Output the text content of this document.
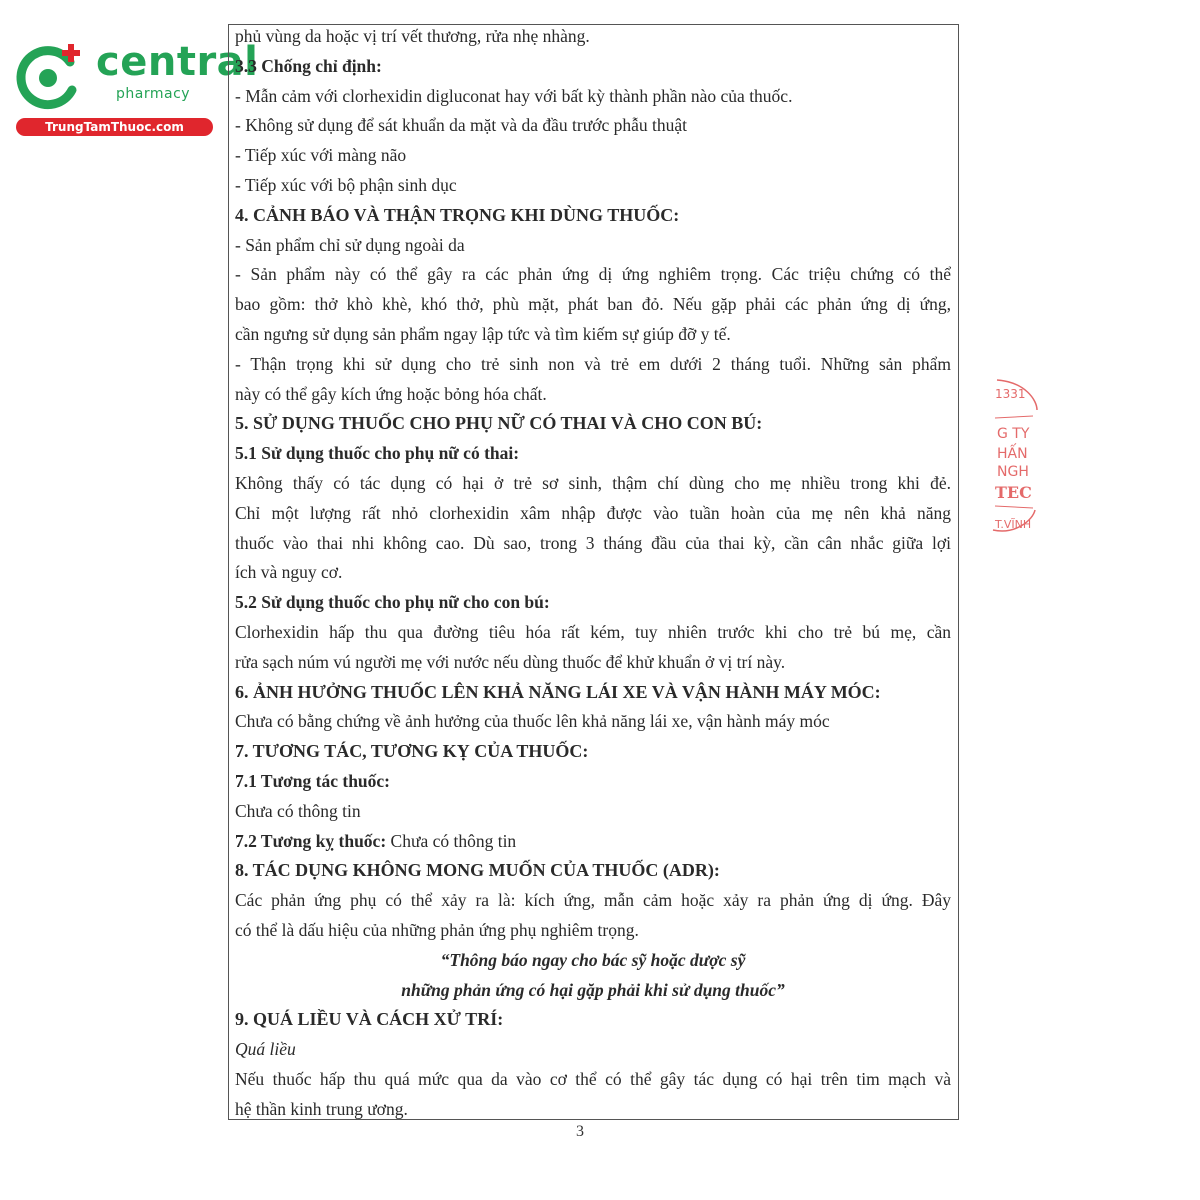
central
pharmacy
TrungTamThuoc.com
phủ vùng da hoặc vị trí vết thương, rửa nhẹ nhàng.
3.3 Chống chỉ định:
- Mẫn cảm với clorhexidin digluconat hay với bất kỳ thành phần nào của thuốc.
- Không sử dụng để sát khuẩn da mặt và da đầu trước phẫu thuật
- Tiếp xúc với màng não
- Tiếp xúc với bộ phận sinh dục
4. CẢNH BÁO VÀ THẬN TRỌNG KHI DÙNG THUỐC:
- Sản phẩm chỉ sử dụng ngoài da
- Sản phẩm này có thể gây ra các phản ứng dị ứng nghiêm trọng. Các triệu chứng có thể
bao gồm: thở khò khè, khó thở, phù mặt, phát ban đỏ. Nếu gặp phải các phản ứng dị ứng,
cần ngưng sử dụng sản phẩm ngay lập tức và tìm kiếm sự giúp đỡ y tế.
- Thận trọng khi sử dụng cho trẻ sinh non và trẻ em dưới 2 tháng tuổi. Những sản phẩm
này có thể gây kích ứng hoặc bỏng hóa chất.
5. SỬ DỤNG THUỐC CHO PHỤ NỮ CÓ THAI VÀ CHO CON BÚ:
5.1 Sử dụng thuốc cho phụ nữ có thai:
Không thấy có tác dụng có hại ở trẻ sơ sinh, thậm chí dùng cho mẹ nhiều trong khi đẻ.
Chỉ một lượng rất nhỏ clorhexidin xâm nhập được vào tuần hoàn của mẹ nên khả năng
thuốc vào thai nhi không cao. Dù sao, trong 3 tháng đầu của thai kỳ, cần cân nhắc giữa lợi
ích và nguy cơ.
5.2 Sử dụng thuốc cho phụ nữ cho con bú:
Clorhexidin hấp thu qua đường tiêu hóa rất kém, tuy nhiên trước khi cho trẻ bú mẹ, cần
rửa sạch núm vú người mẹ với nước nếu dùng thuốc để khử khuẩn ở vị trí này.
6. ẢNH HƯỞNG THUỐC LÊN KHẢ NĂNG LÁI XE VÀ VẬN HÀNH MÁY MÓC:
Chưa có bằng chứng về ảnh hưởng của thuốc lên khả năng lái xe, vận hành máy móc
7. TƯƠNG TÁC, TƯƠNG KỴ CỦA THUỐC:
7.1 Tương tác thuốc:
Chưa có thông tin
7.2 Tương kỵ thuốc: Chưa có thông tin
8. TÁC DỤNG KHÔNG MONG MUỐN CỦA THUỐC (ADR):
Các phản ứng phụ có thể xảy ra là: kích ứng, mẫn cảm hoặc xảy ra phản ứng dị ứng. Đây
có thể là dấu hiệu của những phản ứng phụ nghiêm trọng.
“Thông báo ngay cho bác sỹ hoặc dược sỹ
những phản ứng có hại gặp phải khi sử dụng thuốc”
9. QUÁ LIỀU VÀ CÁCH XỬ TRÍ:
Quá liều
Nếu thuốc hấp thu quá mức qua da vào cơ thể có thể gây tác dụng có hại trên tim mạch và
hệ thần kinh trung ương.
3
1331
G TY
HẤN
NGH
TEC
T.VĨNH
